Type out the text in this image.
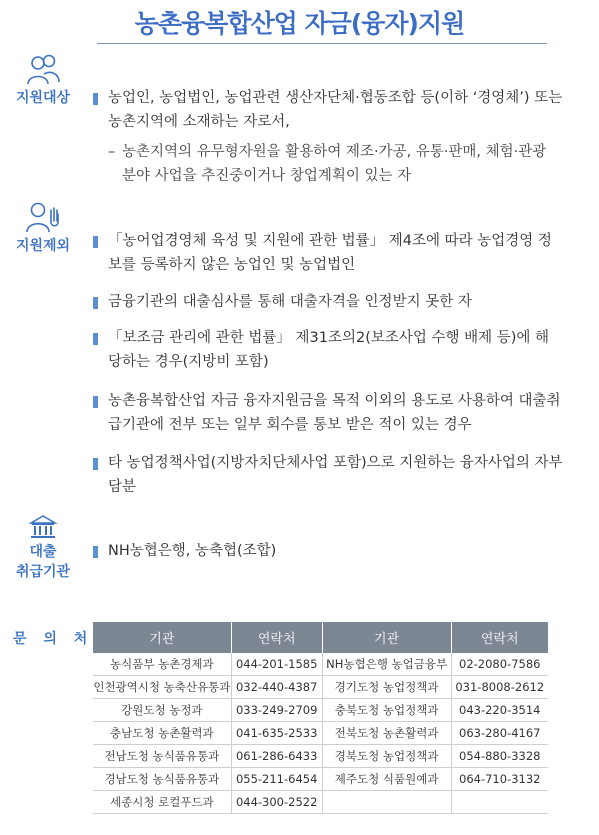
농촌융복합산업 자금(융자)지원
지원대상	농업인, 농업법인, 농업관련 생산자단체·협동조합 등(이하 ‘경영체’) 또는 농촌지역에 소재하는 자로서,
– 농촌지역의 유무형자원을 활용하여 제조·가공, 유통·판매, 체험·관광
분야 사업을 추진중이거나 창업계획이 있는 자
지원제외	「농어업경영체 육성 및 지원에 관한 법률」 제4조에 따라 농업경영 정보를 등록하지 않은 농업인 및 농업법인
금융기관의 대출심사를 통해 대출자격을 인정받지 못한 자
「보조금 관리에 관한 법률」 제31조의2(보조사업 수행 배제 등)에 해당하는 경우(지방비 포함)
농촌융복합산업 자금 융자지원금을 목적 이외의 용도로 사용하여 대출취급기관에 전부 또는 일부 회수를 통보 받은 적이 있는 경우
타 농업정책사업(지방자치단체사업 포함)으로 지원하는 융자사업의 자부담분
대출
취급기관
NH농협은행, 농축협(조합)
문 의 처	기관	연락처	기관	연락처
농식품부 농촌경제과	044-201-1585	NH농협은행 농업금융부	02-2080-7586
인천광역시청 농축산유통과	032-440-4387	경기도청 농업정책과	031-8008-2612
강원도청 농정과	033-249-2709	충북도청 농업정책과	043-220-3514
충남도청 농촌활력과	041-635-2533	전북도청 농촌활력과	063-280-4167
전남도청 농식품유통과	061-286-6433	경북도청 농업정책과	054-880-3328
경남도청 농식품유통과	055-211-6454	제주도청 식품원예과	064-710-3132
세종시청 로컬푸드과	044-300-2522		
